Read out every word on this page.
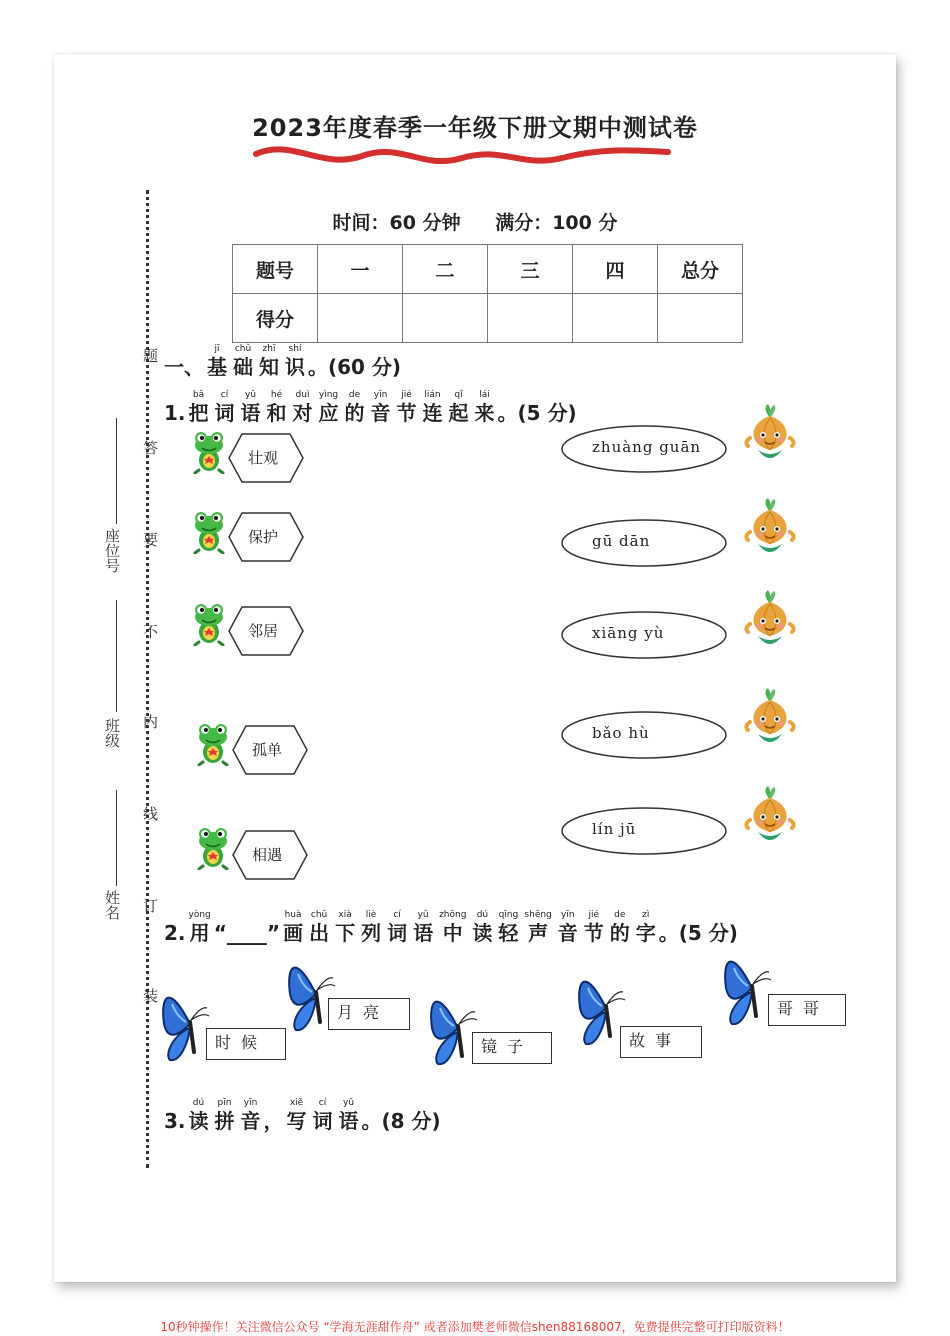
2023年度春季一年级下册文期中测试卷
时间：60 分钟 满分：100 分
题号	一	二	三	四	总分
得分					
题
答
要
不
内
线
订
装
座位号
班级
姓名
一、
jī
基
chǔ
础
zhī
知
shí
识 。(60 分)
1.
bǎ
把
cí
词
yǔ
语
hé
和
duì
对
yìng
应
de
的
yīn
音
jié
节
lián
连
qǐ
起
lái
来 。(5 分)
2.
yòng
用 “____”
huà
画
chū
出
xià
下
liè
列
cí
词
yǔ
语
zhōng
中
dú
读
qīng
轻
shēng
声
yīn
音
jié
节
de
的
zì
字 。(5 分)
3.
dú
读
pīn
拼
yīn
音 ，
xiě
写
cí
词
yǔ
语 。(8 分)
壮观
保护
邻居
孤单
相遇
zhuàng guān
gū dān
xiāng yù
bǎo hù
lín jū
时候
月亮
镜子	故事
哥哥
10秒钟操作！关注微信公众号 “学海无涯甜作舟” 或者添加樊老师微信shen88168007，免费提供完整可打印版资料！
